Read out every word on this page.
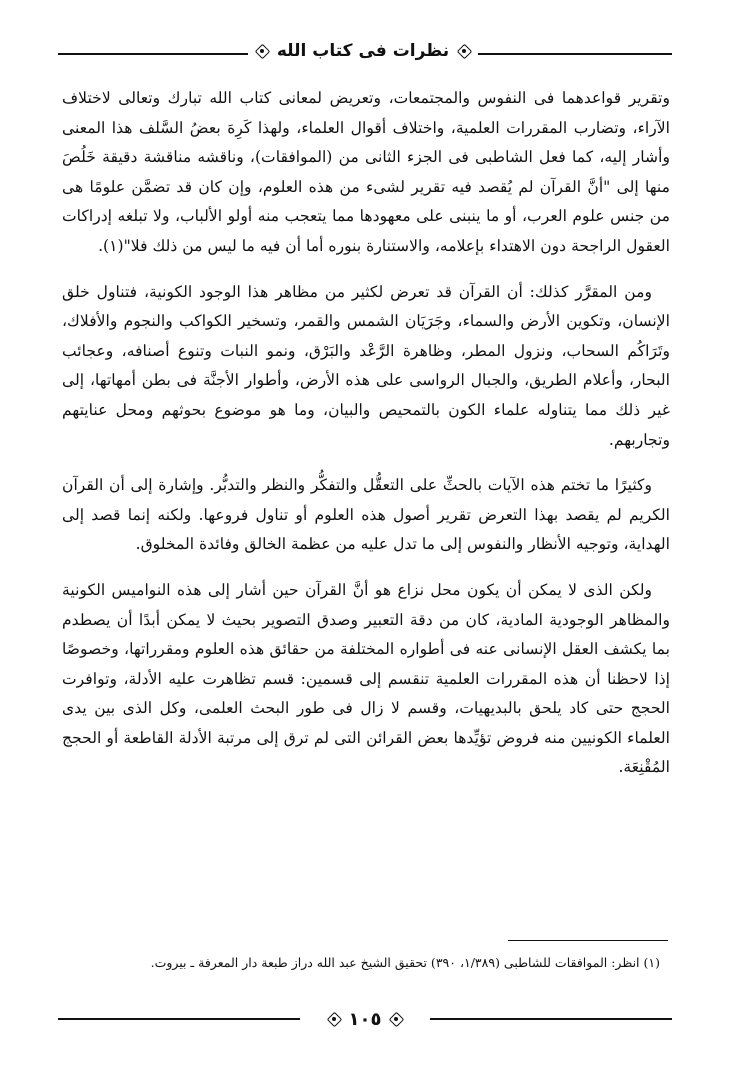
نظرات فى كتاب الله

وتقرير قواعدهما فى النفوس والمجتمعات، وتعريض لمعانى كتاب الله تبارك وتعالى لاختلاف الآراء، وتضارب المقررات العلمية، واختلاف أقوال العلماء، ولهذا كَرِهَ بعضُ السَّلف هذا المعنى وأشار إليه، كما فعل الشاطبى فى الجزء الثانى من (الموافقات)، وناقشه مناقشة دقيقة خَلُصَ منها إلى "أنَّ القرآن لم يُقصد فيه تقرير لشىء من هذه العلوم، وإن كان قد تضمَّن علومًا هى من جنس علوم العرب، أو ما ينبنى على معهودها مما يتعجب منه أولو الألباب، ولا تبلغه إدراكات العقول الراجحة دون الاهتداء بإعلامه، والاستنارة بنوره أما أن فيه ما ليس من ذلك فلا"(١).

ومن المقرَّر كذلك: أن القرآن قد تعرض لكثير من مظاهر هذا الوجود الكونية، فتناول خلق الإنسان، وتكوين الأرض والسماء، وجَرَيَان الشمس والقمر، وتسخير الكواكب والنجوم والأفلاك، وتَرَاكُم السحاب، ونزول المطر، وظاهرة الرَّعْد والبَرْق، ونمو النبات وتنوع أصنافه، وعجائب البحار، وأعلام الطريق، والجبال الرواسى على هذه الأرض، وأطوار الأجنَّة فى بطن أمهاتها، إلى غير ذلك مما يتناوله علماء الكون بالتمحيص والبيان، وما هو موضوع بحوثهم ومحل عنايتهم وتجاربهم.

وكثيرًا ما تختم هذه الآيات بالحثِّ على التعقُّل والتفكُّر والنظر والتدبُّر. وإشارة إلى أن القرآن الكريم لم يقصد بهذا التعرض تقرير أصول هذه العلوم أو تناول فروعها. ولكنه إنما قصد إلى الهداية، وتوجيه الأنظار والنفوس إلى ما تدل عليه من عظمة الخالق وفائدة المخلوق.

ولكن الذى لا يمكن أن يكون محل نزاع هو أنَّ القرآن حين أشار إلى هذه النواميس الكونية والمظاهر الوجودية المادية، كان من دقة التعبير وصدق التصوير بحيث لا يمكن أبدًا أن يصطدم بما يكشف العقل الإنسانى عنه فى أطواره المختلفة من حقائق هذه العلوم ومقرراتها، وخصوصًا إذا لاحظنا أن هذه المقررات العلمية تنقسم إلى قسمين: قسم تظاهرت عليه الأدلة، وتوافرت الحجج حتى كاد يلحق بالبديهيات، وقسم لا زال فى طور البحث العلمى، وكل الذى بين يدى العلماء الكونيين منه فروض تؤيِّدها بعض القرائن التى لم ترق إلى مرتبة الأدلة القاطعة أو الحجج المُقْنِعَة.

(١) انظر: الموافقات للشاطبى (١/٣٨٩، ٣٩٠) تحقيق الشيخ عبد الله دراز طبعة دار المعرفة ـ بيروت.
١٠٥
